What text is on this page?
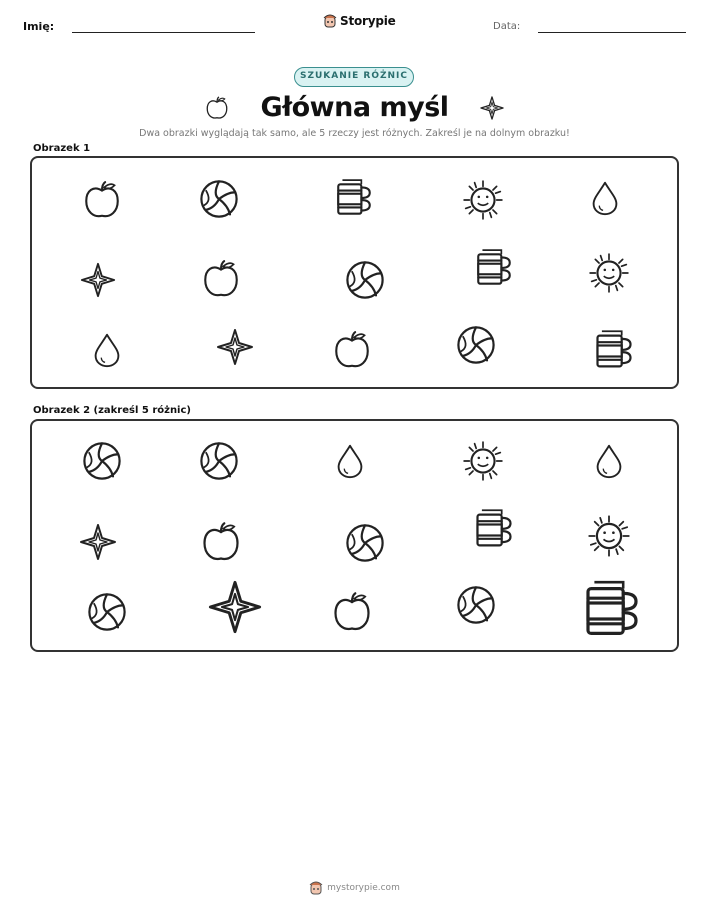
Imię:	Storypie	Data:
SZUKANIE RÓŻNIC
Główna myśl
Dwa obrazki wyglądają tak samo, ale 5 rzeczy jest różnych. Zakreśl je na dolnym obrazku!
Obrazek 1
Obrazek 2 (zakreśl 5 różnic)
mystorypie.com
